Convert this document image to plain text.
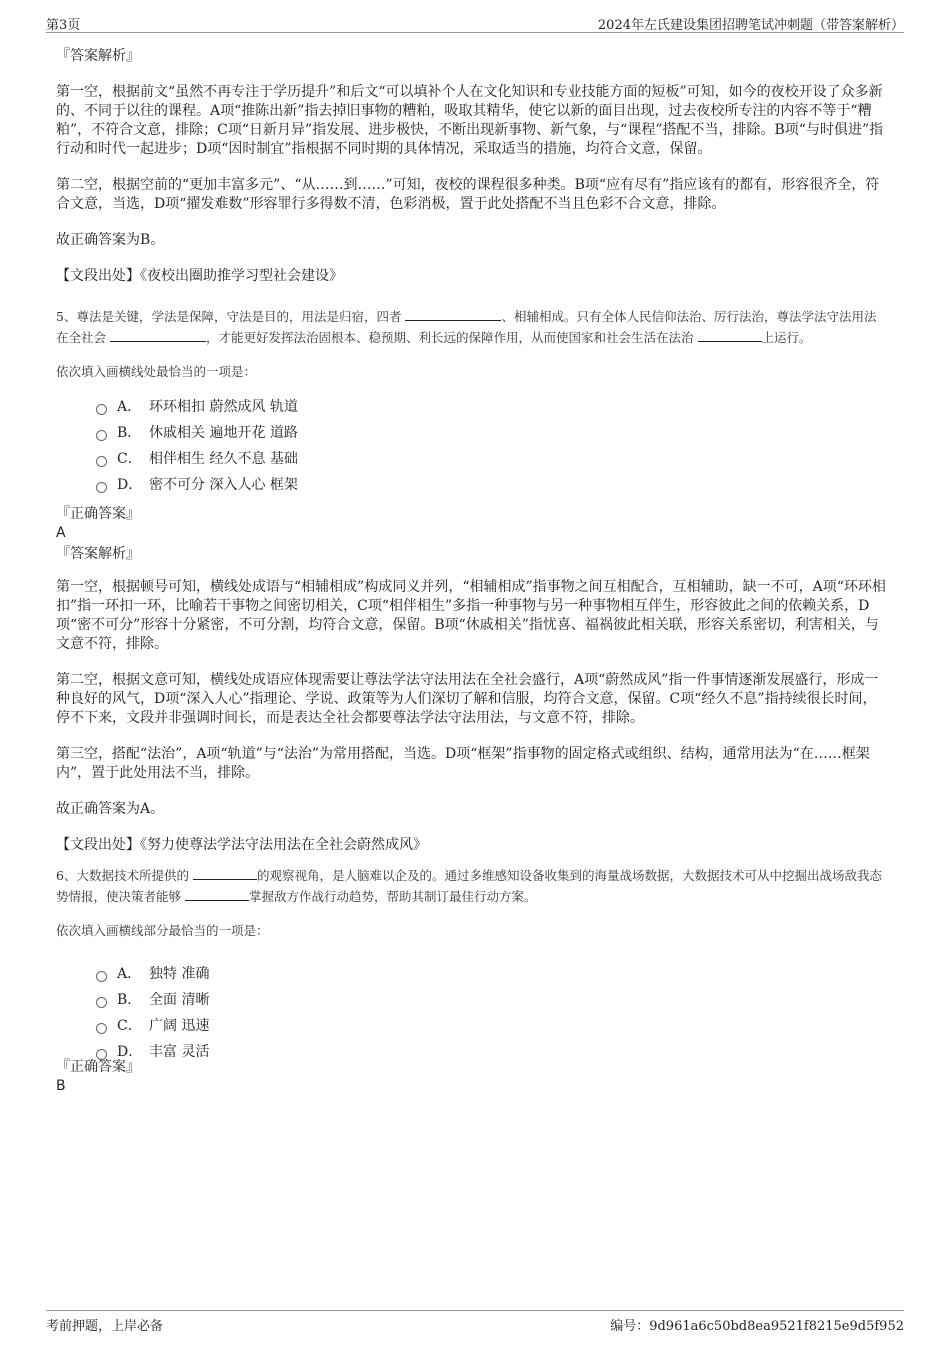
第3页	2024年左氏建设集团招聘笔试冲刺题（带答案解析）

『答案解析』

第一空，根据前文“虽然不再专注于学历提升”和后文“可以填补个人在文化知识和专业技能方面的短板”可知，如今的夜校开设了众多新的、不同于以往的课程。A项“推陈出新”指去掉旧事物的糟粕，吸取其精华，使它以新的面目出现，过去夜校所专注的内容不等于“糟粕”，不符合文意，排除；C项“日新月异”指发展、进步极快，不断出现新事物、新气象，与“课程”搭配不当，排除。B项“与时俱进”指行动和时代一起进步；D项“因时制宜”指根据不同时期的具体情况，采取适当的措施，均符合文意，保留。

第二空，根据空前的“更加丰富多元”、“从……到……”可知，夜校的课程很多种类。B项“应有尽有”指应该有的都有，形容很齐全，符合文意，当选，D项“擢发难数”形容罪行多得数不清，色彩消极，置于此处搭配不当且色彩不合文意，排除。

故正确答案为B。

【文段出处】《夜校出圈助推学习型社会建设》

5、尊法是关键，学法是保障，守法是目的，用法是归宿，四者	、相辅相成。只有全体人民信仰法治、厉行法治，尊法学法守法用法在全社会	，才能更好发挥法治固根本、稳预期、利长远的保障作用，从而使国家和社会生活在法治	上运行。

依次填入画横线处最恰当的一项是：

A． 环环相扣 蔚然成风 轨道
B． 休戚相关 遍地开花 道路
C． 相伴相生 经久不息 基础
D． 密不可分 深入人心 框架

『正确答案』

A

『答案解析』

第一空，根据顿号可知，横线处成语与“相辅相成”构成同义并列，“相辅相成”指事物之间互相配合，互相辅助，缺一不可，A项“环环相扣”指一环扣一环，比喻若干事物之间密切相关，C项“相伴相生”多指一种事物与另一种事物相互伴生，形容彼此之间的依赖关系，D项“密不可分”形容十分紧密，不可分割，均符合文意，保留。B项“休戚相关”指忧喜、福祸彼此相关联，形容关系密切，利害相关，与文意不符，排除。

第二空，根据文意可知，横线处成语应体现需要让尊法学法守法用法在全社会盛行，A项“蔚然成风”指一件事情逐渐发展盛行，形成一种良好的风气，D项“深入人心”指理论、学说、政策等为人们深切了解和信服，均符合文意，保留。C项“经久不息”指持续很长时间，停不下来，文段并非强调时间长，而是表达全社会都要尊法学法守法用法，与文意不符，排除。

第三空，搭配“法治”，A项“轨道”与“法治”为常用搭配，当选。D项“框架”指事物的固定格式或组织、结构，通常用法为“在……框架内”，置于此处用法不当，排除。

故正确答案为A。

【文段出处】《努力使尊法学法守法用法在全社会蔚然成风》

6、大数据技术所提供的	的观察视角，是人脑难以企及的。通过多维感知设备收集到的海量战场数据，大数据技术可从中挖掘出战场敌我态势情报，使决策者能够	掌握敌方作战行动趋势，帮助其制订最佳行动方案。

依次填入画横线部分最恰当的一项是：

A． 独特 准确
B． 全面 清晰
C． 广阔 迅速
D． 丰富 灵活

『正确答案』

B

考前押题，上岸必备	编号：9d961a6c50bd8ea9521f8215e9d5f952
